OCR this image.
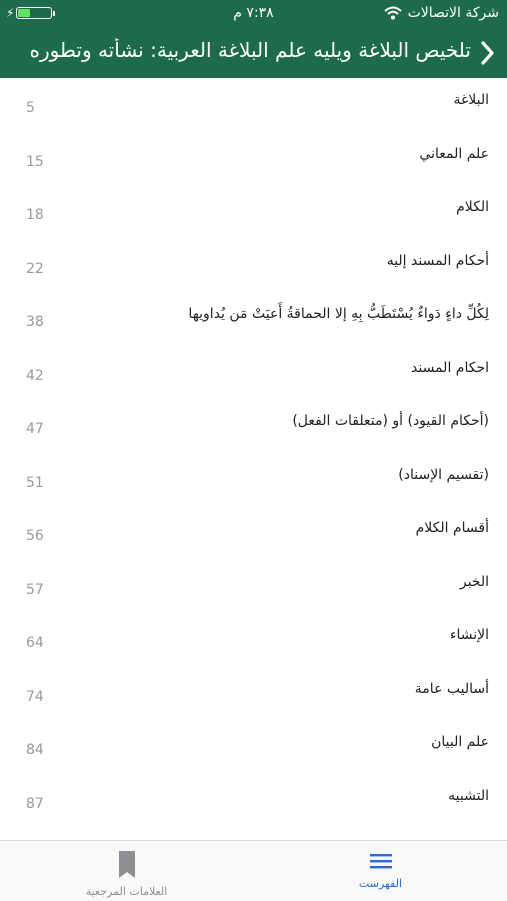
⚡	٧:٣٨ م	شركة الاتصالات
تلخيص البلاغة ويليه علم البلاغة العربية: نشأته وتطوره
البلاغة
5
علم المعاني
15
الكلام
18
أحكام المسند إليه
22
لِكُلِّ داءٍ دَواءٌ يُسْتَطَبُّ بِهِ إلا الحماقةُ أَعيَتْ مَن يُداويها
38
احكام المسند
42
(أحكام القيود) أو (متعلقات الفعل)
47
(تقسيم الإسناد)
51
أقسام الكلام
56
الخبر
57
الإنشاء
64
أساليب عامة
74
علم البيان
84
التشبيه
87
الفهرست
العلامات المرجعية
